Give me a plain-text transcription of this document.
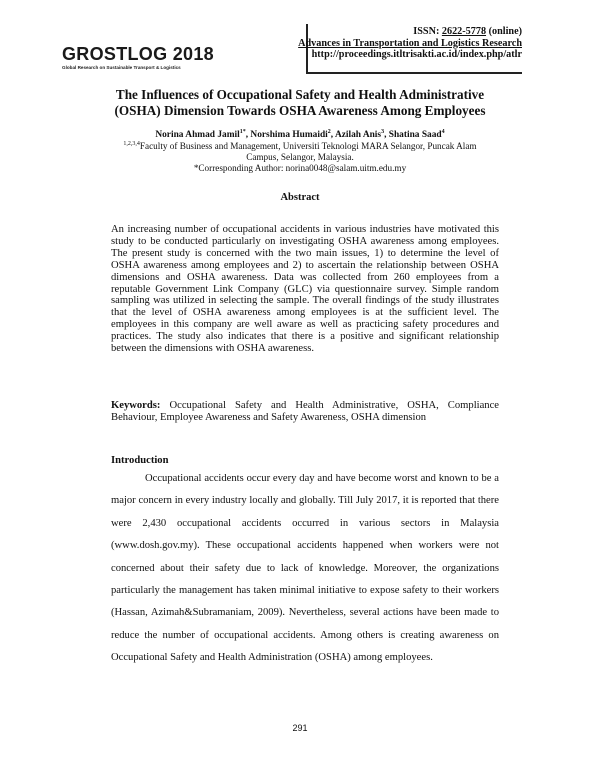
GROSTLOG 2018
Global Research on Sustainable Transport & Logistics
ISSN: 2622-5778 (online)
Advances in Transportation and Logistics Research
http://proceedings.itltrisakti.ac.id/index.php/atlr
The Influences of Occupational Safety and Health Administrative
(OSHA) Dimension Towards OSHA Awareness Among Employees
Norina Ahmad Jamil$^{1*}$, Norshima Humaidi$^2$, Azilah Anis$^3$, Shatina Saad$^4$
$^{1,2,3,4}$Faculty of Business and Management, Universiti Teknologi MARA Selangor, Puncak Alam
Campus, Selangor, Malaysia.
*Corresponding Author: norina0048@salam.uitm.edu.my
Abstract
An increasing number of occupational accidents in various industries have motivated this study to be conducted particularly on investigating OSHA awareness among employees. The present study is concerned with the two main issues, 1) to determine the level of OSHA awareness among employees and 2) to ascertain the relationship between OSHA dimensions and OSHA awareness. Data was collected from 260 employees from a reputable Government Link Company (GLC) via questionnaire survey. Simple random sampling was utilized in selecting the sample. The overall findings of the study illustrates that the level of OSHA awareness among employees is at the sufficient level. The employees in this company are well aware as well as practicing safety procedures and practices. The study also indicates that there is a positive and significant relationship between the dimensions with OSHA awareness.
Keywords: Occupational Safety and Health Administrative, OSHA, Compliance Behaviour, Employee Awareness and Safety Awareness, OSHA dimension
Introduction
Occupational accidents occur every day and have become worst and known to be a major concern in every industry locally and globally. Till July 2017, it is reported that there were 2,430 occupational accidents occurred in various sectors in Malaysia (www.dosh.gov.my). These occupational accidents happened when workers were not concerned about their safety due to lack of knowledge. Moreover, the organizations particularly the management has taken minimal initiative to expose safety to their workers (Hassan, Azimah&Subramaniam, 2009). Nevertheless, several actions have been made to reduce the number of occupational accidents. Among others is creating awareness on Occupational Safety and Health Administration (OSHA) among employees.
291
